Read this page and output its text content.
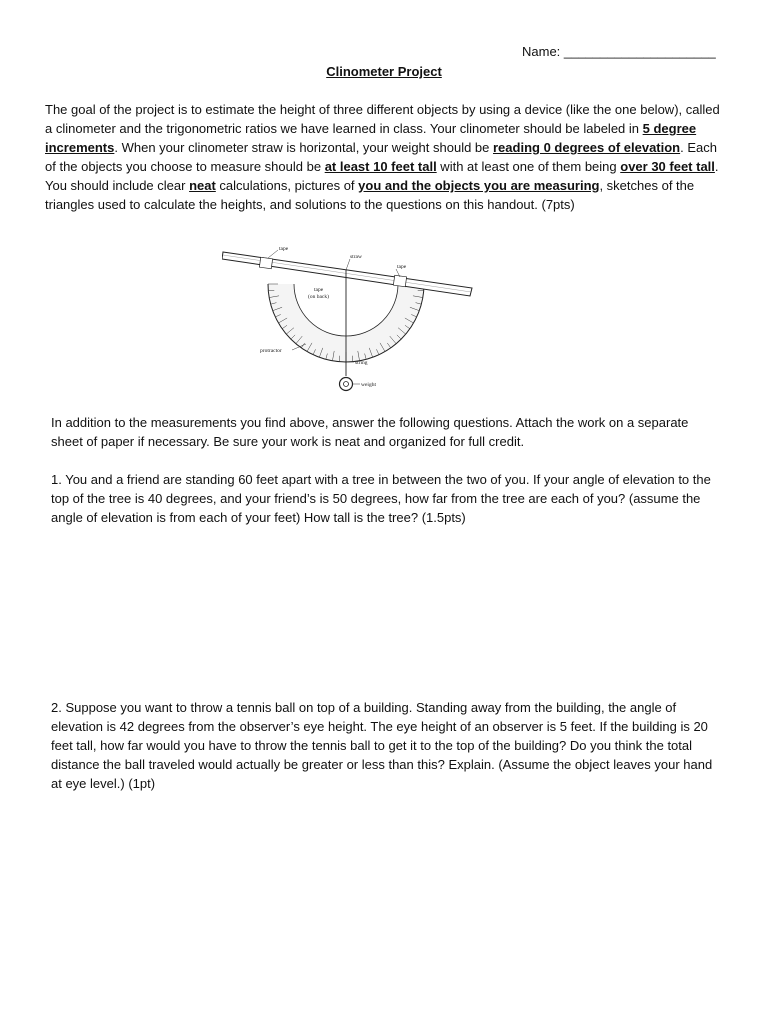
Name: _____________________
Clinometer Project
The goal of the project is to estimate the height of three different objects by using a device (like the one below), called a clinometer and the trigonometric ratios we have learned in class. Your clinometer should be labeled in 5 degree increments. When your clinometer straw is horizontal, your weight should be reading 0 degrees of elevation. Each of the objects you choose to measure should be at least 10 feet tall with at least one of them being over 30 feet tall. You should include clear neat calculations, pictures of you and the objects you are measuring, sketches of the triangles used to calculate the heights, and solutions to the questions on this handout. (7pts)
tape
straw
tape
tape
(on back)
protractor
string
weight
In addition to the measurements you find above, answer the following questions. Attach the work on a separate sheet of paper if necessary. Be sure your work is neat and organized for full credit.
1. You and a friend are standing 60 feet apart with a tree in between the two of you. If your angle of elevation to the top of the tree is 40 degrees, and your friend’s is 50 degrees, how far from the tree are each of you? (assume the angle of elevation is from each of your feet) How tall is the tree? (1.5pts)
2. Suppose you want to throw a tennis ball on top of a building. Standing away from the building, the angle of elevation is 42 degrees from the observer’s eye height. The eye height of an observer is 5 feet. If the building is 20 feet tall, how far would you have to throw the tennis ball to get it to the top of the building? Do you think the total distance the ball traveled would actually be greater or less than this? Explain. (Assume the object leaves your hand at eye level.) (1pt)
